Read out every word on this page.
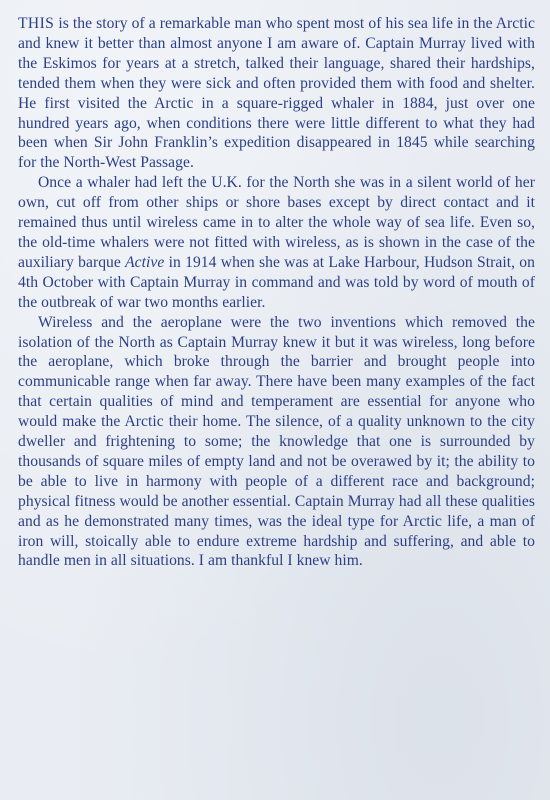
THIS is the story of a remarkable man who spent most of his sea life in the Arctic and knew it better than almost anyone I am aware of. Captain Murray lived with the Eskimos for years at a stretch, talked their language, shared their hardships, tended them when they were sick and often provided them with food and shelter. He first visited the Arctic in a square-rigged whaler in 1884, just over one hundred years ago, when conditions there were little different to what they had been when Sir John Franklin’s expedition disappeared in 1845 while searching for the North-West Passage.

Once a whaler had left the U.K. for the North she was in a silent world of her own, cut off from other ships or shore bases except by direct contact and it remained thus until wireless came in to alter the whole way of sea life. Even so, the old-time whalers were not fitted with wireless, as is shown in the case of the auxiliary barque Active in 1914 when she was at Lake Harbour, Hudson Strait, on 4th October with Captain Murray in command and was told by word of mouth of the outbreak of war two months earlier.

Wireless and the aeroplane were the two inventions which removed the isolation of the North as Captain Murray knew it but it was wireless, long before the aeroplane, which broke through the barrier and brought people into communicable range when far away. There have been many examples of the fact that certain qualities of mind and temperament are essential for anyone who would make the Arctic their home. The silence, of a quality unknown to the city dweller and frightening to some; the knowledge that one is surrounded by thousands of square miles of empty land and not be overawed by it; the ability to be able to live in harmony with people of a different race and background; physical fitness would be another essential. Captain Murray had all these qualities and as he demonstrated many times, was the ideal type for Arctic life, a man of iron will, stoically able to endure extreme hardship and suffering, and able to handle men in all situations. I am thankful I knew him.
